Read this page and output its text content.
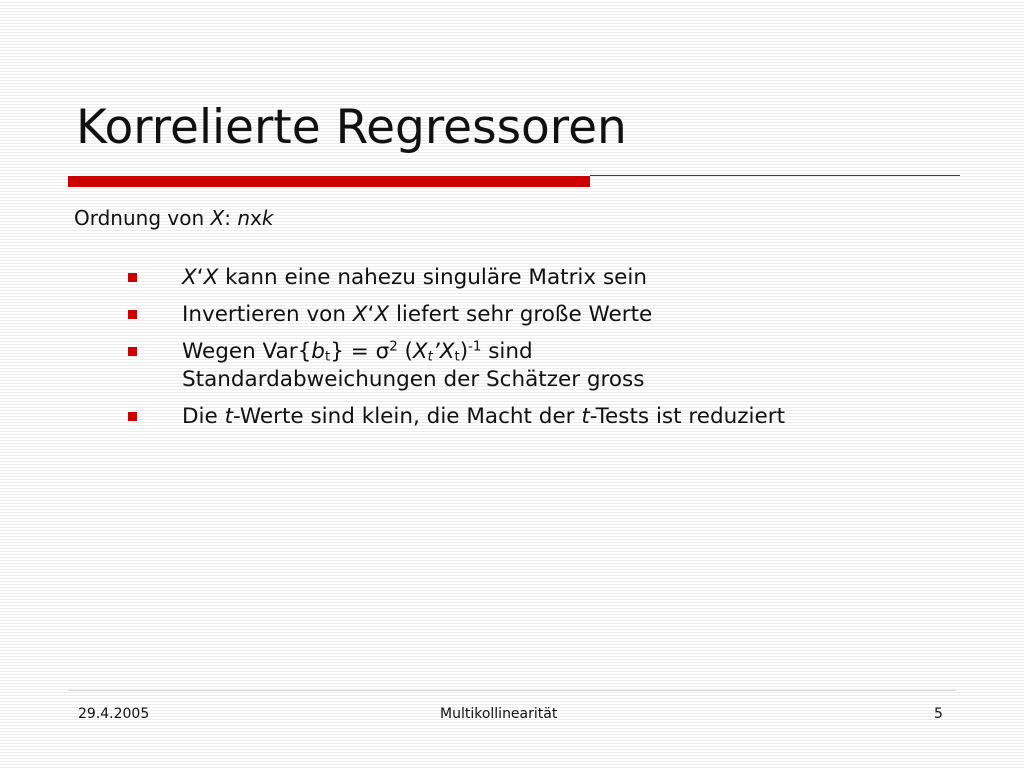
Korrelierte Regressoren
Ordnung von X: nxk
X‘X kann eine nahezu singuläre Matrix sein
Invertieren von X‘X liefert sehr große Werte
Wegen $Var\{b_t\} = \sigma^2$ $(X_t’X_t)^{-1}$ sind
Standardabweichungen der Schätzer gross
Die t-Werte sind klein, die Macht der t-Tests ist reduziert
29.4.2005	Multikollinearität	5
